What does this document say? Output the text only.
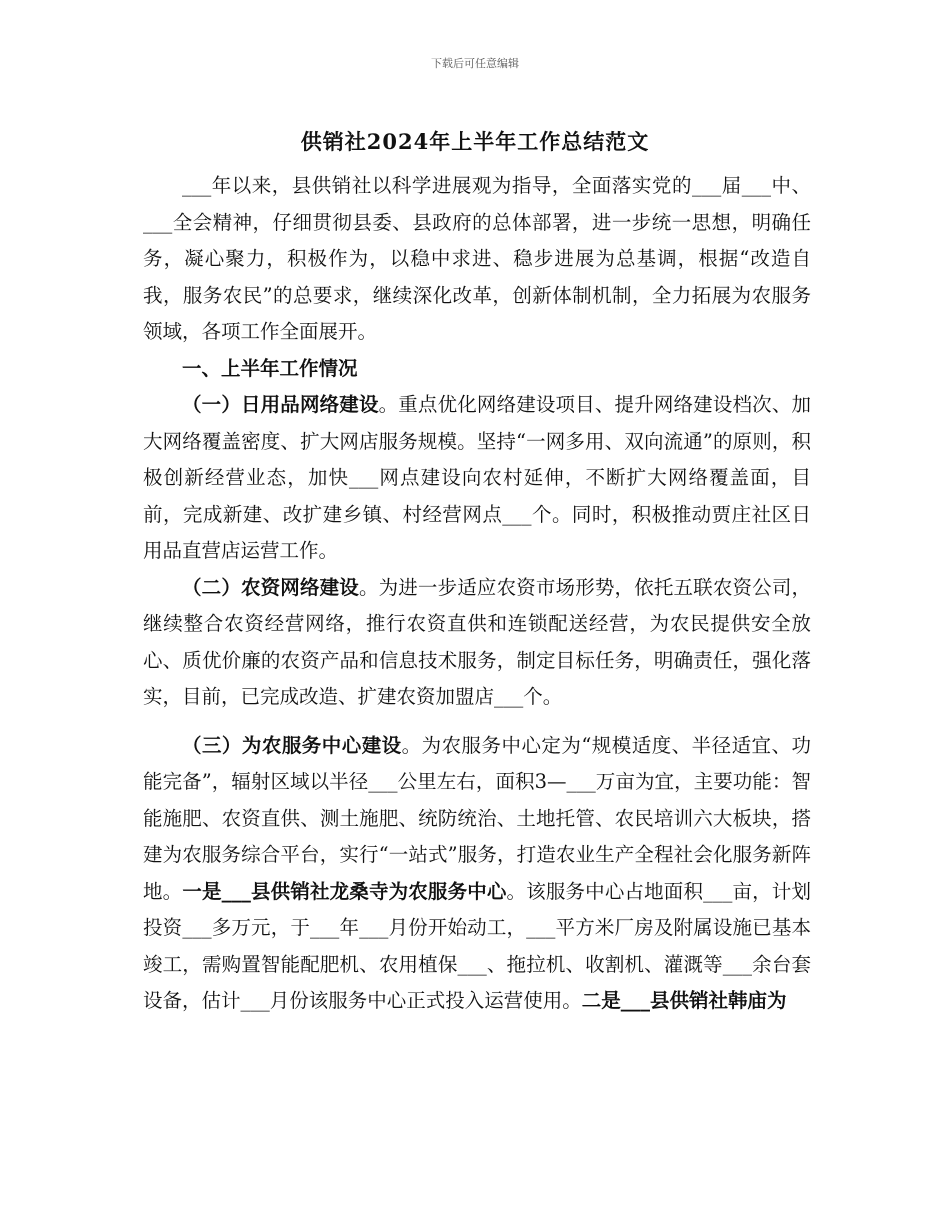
下载后可任意编辑
供销社2024年上半年工作总结范文

___年以来，县供销社以科学进展观为指导，全面落实党的___届___中、___全会精神，仔细贯彻县委、县政府的总体部署，进一步统一思想，明确任务，凝心聚力，积极作为，以稳中求进、稳步进展为总基调，根据“改造自我，服务农民”的总要求，继续深化改革，创新体制机制，全力拓展为农服务领域，各项工作全面展开。

一、上半年工作情况

（一）日用品网络建设。重点优化网络建设项目、提升网络建设档次、加大网络覆盖密度、扩大网店服务规模。坚持“一网多用、双向流通”的原则，积极创新经营业态，加快___网点建设向农村延伸，不断扩大网络覆盖面，目前，完成新建、改扩建乡镇、村经营网点___个。同时，积极推动贾庄社区日用品直营店运营工作。

（二）农资网络建设。为进一步适应农资市场形势，依托五联农资公司，继续整合农资经营网络，推行农资直供和连锁配送经营，为农民提供安全放心、质优价廉的农资产品和信息技术服务，制定目标任务，明确责任，强化落实，目前，已完成改造、扩建农资加盟店___个。

（三）为农服务中心建设。为农服务中心定为“规模适度、半径适宜、功能完备”，辐射区域以半径___公里左右，面积3—___万亩为宜，主要功能：智能施肥、农资直供、测土施肥、统防统治、土地托管、农民培训六大板块，搭建为农服务综合平台，实行“一站式”服务，打造农业生产全程社会化服务新阵地。一是___县供销社龙桑寺为农服务中心。该服务中心占地面积___亩，计划投资___多万元，于___年___月份开始动工，___平方米厂房及附属设施已基本竣工，需购置智能配肥机、农用植保___、拖拉机、收割机、灌溉等___余台套设备，估计___月份该服务中心正式投入运营使用。二是___县供销社韩庙为
